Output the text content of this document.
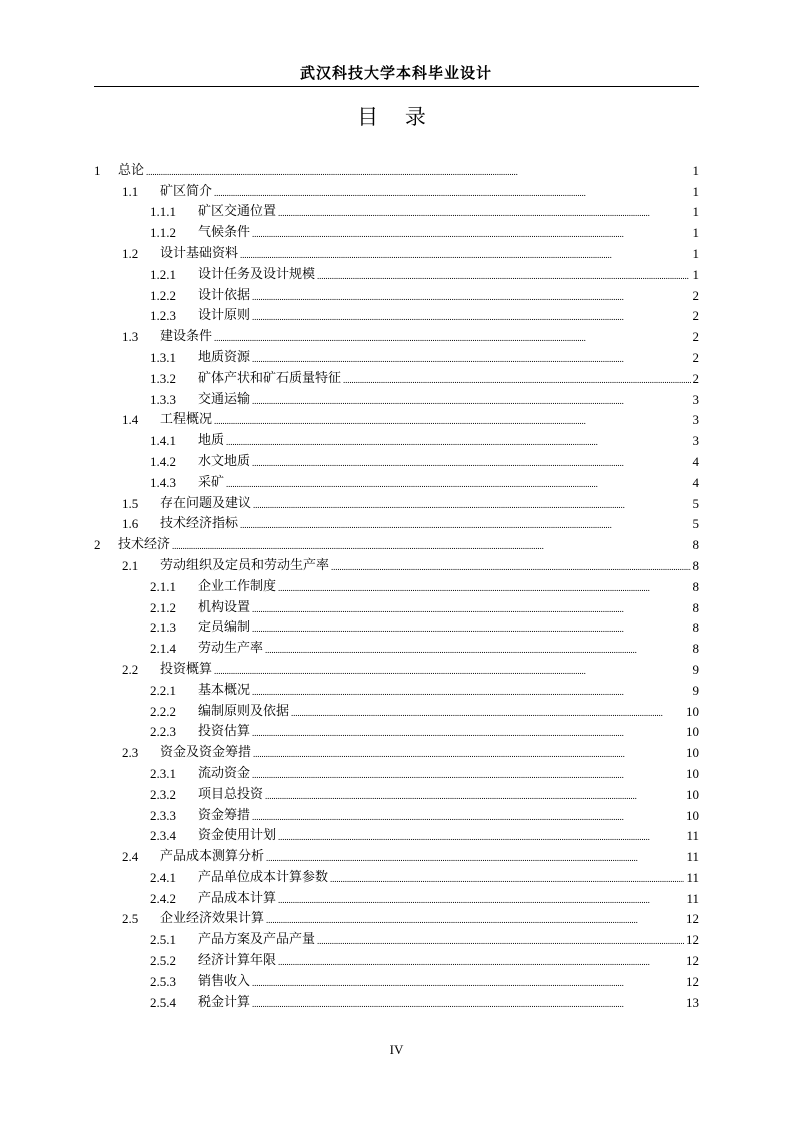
武汉科技大学本科毕业设计
目 录
1	总论 . . .	1
1.1	矿区简介 . . .	1
1.1.1	矿区交通位置 . . .	1
1.1.2	气候条件 . . .	1
1.2	设计基础资料 . . .	1
1.2.1	设计任务及设计规模 . . .	1
1.2.2	设计依据 . . .	2
1.2.3	设计原则 . . .	2
1.3	建设条件 . . .	2
1.3.1	地质资源 . . .	2
1.3.2	矿体产状和矿石质量特征 . . .	2
1.3.3	交通运输 . . .	3
1.4	工程概况 . . .	3
1.4.1	地质 . . .	3
1.4.2	水文地质 . . .	4
1.4.3	采矿 . . .	4
1.5	存在问题及建议 . . .	5
1.6	技术经济指标 . . .	5
2	技术经济 . . .	8
2.1	劳动组织及定员和劳动生产率 . . .	8
2.1.1	企业工作制度 . . .	8
2.1.2	机构设置 . . .	8
2.1.3	定员编制 . . .	8
2.1.4	劳动生产率 . . .	8
2.2	投资概算 . . .	9
2.2.1	基本概况 . . .	9
2.2.2	编制原则及依据 . . .	10
2.2.3	投资估算 . . .	10
2.3	资金及资金筹措 . . .	10
2.3.1	流动资金 . . .	10
2.3.2	项目总投资 . . .	10
2.3.3	资金筹措 . . .	10
2.3.4	资金使用计划 . . .	11
2.4	产品成本测算分析 . . .	11
2.4.1	产品单位成本计算参数 . . .	11
2.4.2	产品成本计算 . . .	11
2.5	企业经济效果计算 . . .	12
2.5.1	产品方案及产品产量 . . .	12
2.5.2	经济计算年限 . . .	12
2.5.3	销售收入 . . .	12
2.5.4	税金计算 . . .	13
IV
